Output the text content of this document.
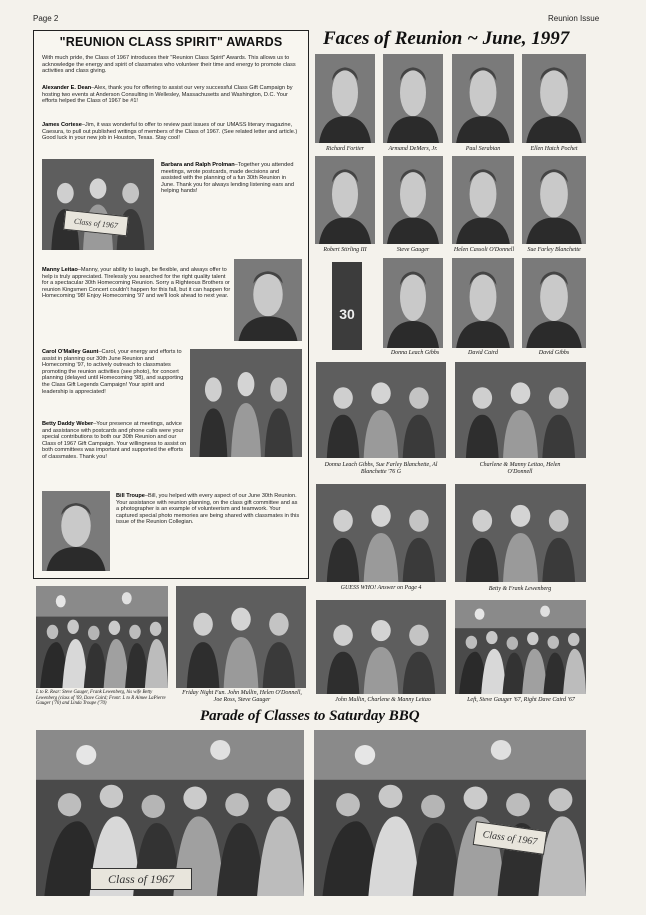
Page 2	Reunion Issue
"REUNION CLASS SPIRIT" AWARDS

With much pride, the Class of 1967 introduces their "Reunion Class Spirit" Awards. This allows us to acknowledge the energy and spirit of classmates who volunteer their time and energy to promote class activities and class giving.

Alexander E. Dean–Alex, thank you for offering to assist our very successful Class Gift Campaign by hosting two events at Anderson Consulting in Wellesley, Massachusetts and Washington, D.C. Your efforts helped the Class of 1967 be #1!

James Cortese–Jim, it was wonderful to offer to review past issues of our UMASS literary magazine, Caesura, to pull out published writings of members of the Class of 1967. (See related letter and article.) Good luck in your new job in Houston, Texas. Stay cool!

Class of 1967

Barbara and Ralph Prolman–Together you attended meetings, wrote postcards, made decisions and assisted with the planning of a fun 30th Reunion in June. Thank you for always lending listening ears and helping hands!

Manny Leitao–Manny, your ability to laugh, be flexible, and always offer to help is truly appreciated. Tirelessly you searched for the right quality talent for a spectacular 30th Homecoming Reunion. Sorry a Righteous Brothers or reunion Kingsmen Concert couldn't happen for this fall, but it can happen for Homecoming '98! Enjoy Homecoming '97 and we'll look ahead to next year.

Carol O'Malley Gaunt–Carol, your energy and efforts to assist in planning our 30th June Reunion and Homecoming '97, to actively outreach to classmates promoting the reunion activities (see photo), for concert planning (delayed until Homecoming '98), and supporting the Class Gift Legends Campaign! Your spirit and leadership is appreciated!

Betty Daddy Weber–Your presence at meetings, advice and assistance with postcards and phone calls were your special contributions to both our 30th Reunion and our Class of 1967 Gift Campaign. Your willingness to assist on both committees was important and supported the efforts of classmates. Thank you!

Bill Troupe–Bill, you helped with every aspect of our June 30th Reunion. Your assistance with reunion planning, on the class gift committee and as a photographer is an example of volunteerism and teamwork. Your captured special photo memories are being shared with classmates in this issue of the Reunion Collegian.

Faces of Reunion ~ June, 1997
Richard Fortier	Armand DeMers, Jr.	Paul Serabian	Ellen Hatch Pochet
Robert Stirling III	Steve Gauger	Helen Cassoli O'Donnell	Sue Farley Blanchette
30
Donna Leach Gibbs	David Caird	David Gibbs
Donna Leach Gibbs, Sue Farley Blanchette, Al Blanchette '76 G
Charlene & Manny Leitao, Helen O'Donnell
GUESS WHO! Answer on Page 4	Betty & Frank Lewenberg
L to R. Rear: Steve Gauger, Frank Lewenberg, his wife Betty Lewenberg (class of '69, Dave Caird; Front: L to R Aimee LaPierre Gauger ('70) and Linda Troupe ('70)
Friday Night Fun. John Mullin, Helen O'Donnell, Joe Ross, Steve Gauger	John Mullin, Charlene & Manny Leitao	Left, Steve Gauger '67, Right Dave Caird '67
Parade of Classes to Saturday BBQ
Class of 1967
Class of 1967
